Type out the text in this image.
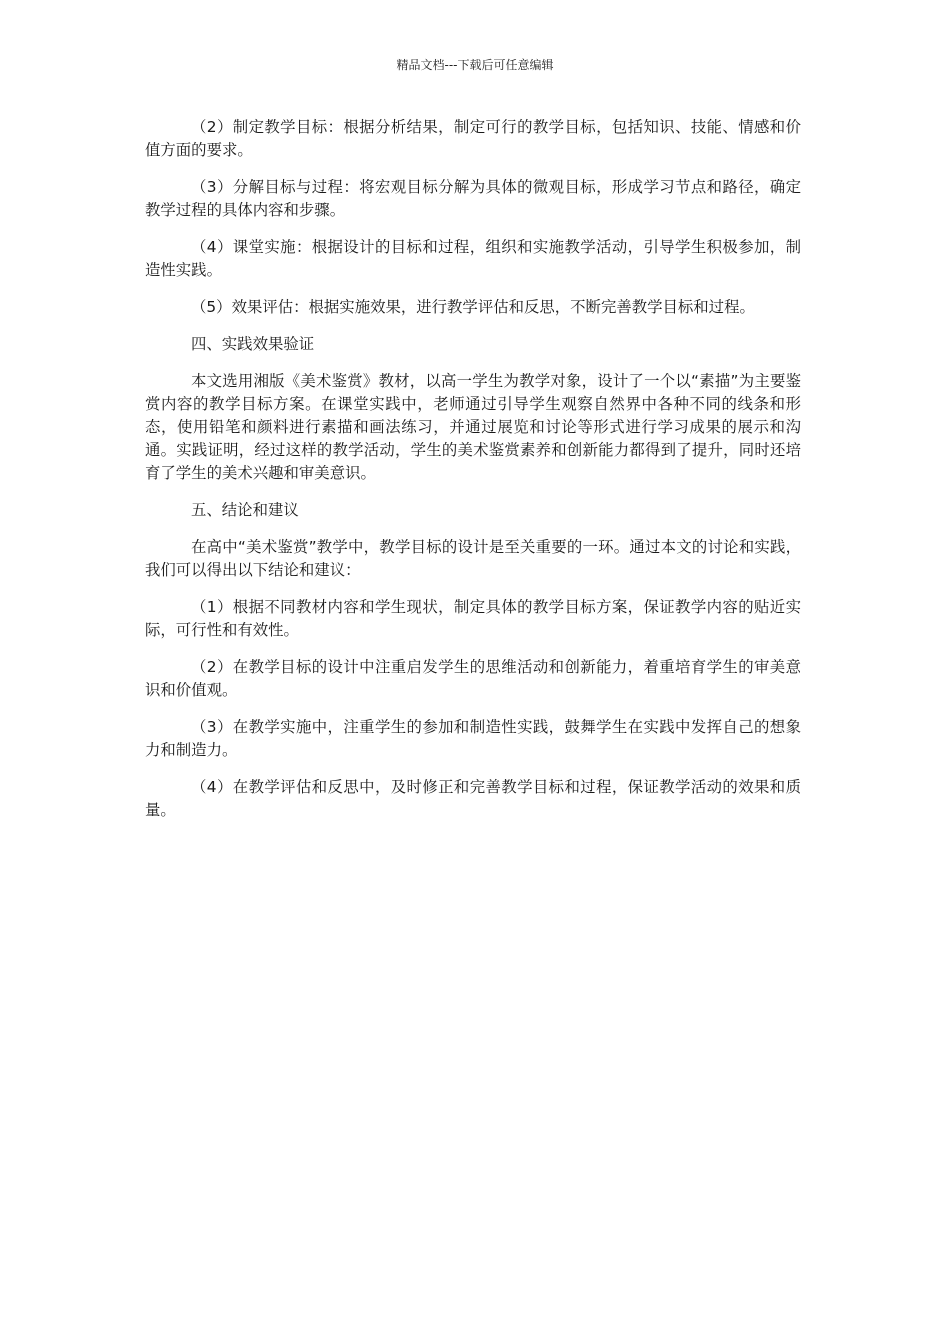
精品文档---下载后可任意编辑

（2）制定教学目标：根据分析结果，制定可行的教学目标，包括知识、技能、情感和价值方面的要求。

（3）分解目标与过程：将宏观目标分解为具体的微观目标，形成学习节点和路径，确定教学过程的具体内容和步骤。

（4）课堂实施：根据设计的目标和过程，组织和实施教学活动，引导学生积极参加，制造性实践。

（5）效果评估：根据实施效果，进行教学评估和反思，不断完善教学目标和过程。

四、实践效果验证

本文选用湘版《美术鉴赏》教材，以高一学生为教学对象，设计了一个以“素描”为主要鉴赏内容的教学目标方案。在课堂实践中，老师通过引导学生观察自然界中各种不同的线条和形态，使用铅笔和颜料进行素描和画法练习，并通过展览和讨论等形式进行学习成果的展示和沟通。实践证明，经过这样的教学活动，学生的美术鉴赏素养和创新能力都得到了提升，同时还培育了学生的美术兴趣和审美意识。

五、结论和建议

在高中“美术鉴赏”教学中，教学目标的设计是至关重要的一环。通过本文的讨论和实践，我们可以得出以下结论和建议：

（1）根据不同教材内容和学生现状，制定具体的教学目标方案，保证教学内容的贴近实际，可行性和有效性。

（2）在教学目标的设计中注重启发学生的思维活动和创新能力，着重培育学生的审美意识和价值观。

（3）在教学实施中，注重学生的参加和制造性实践，鼓舞学生在实践中发挥自己的想象力和制造力。

（4）在教学评估和反思中，及时修正和完善教学目标和过程，保证教学活动的效果和质量。
